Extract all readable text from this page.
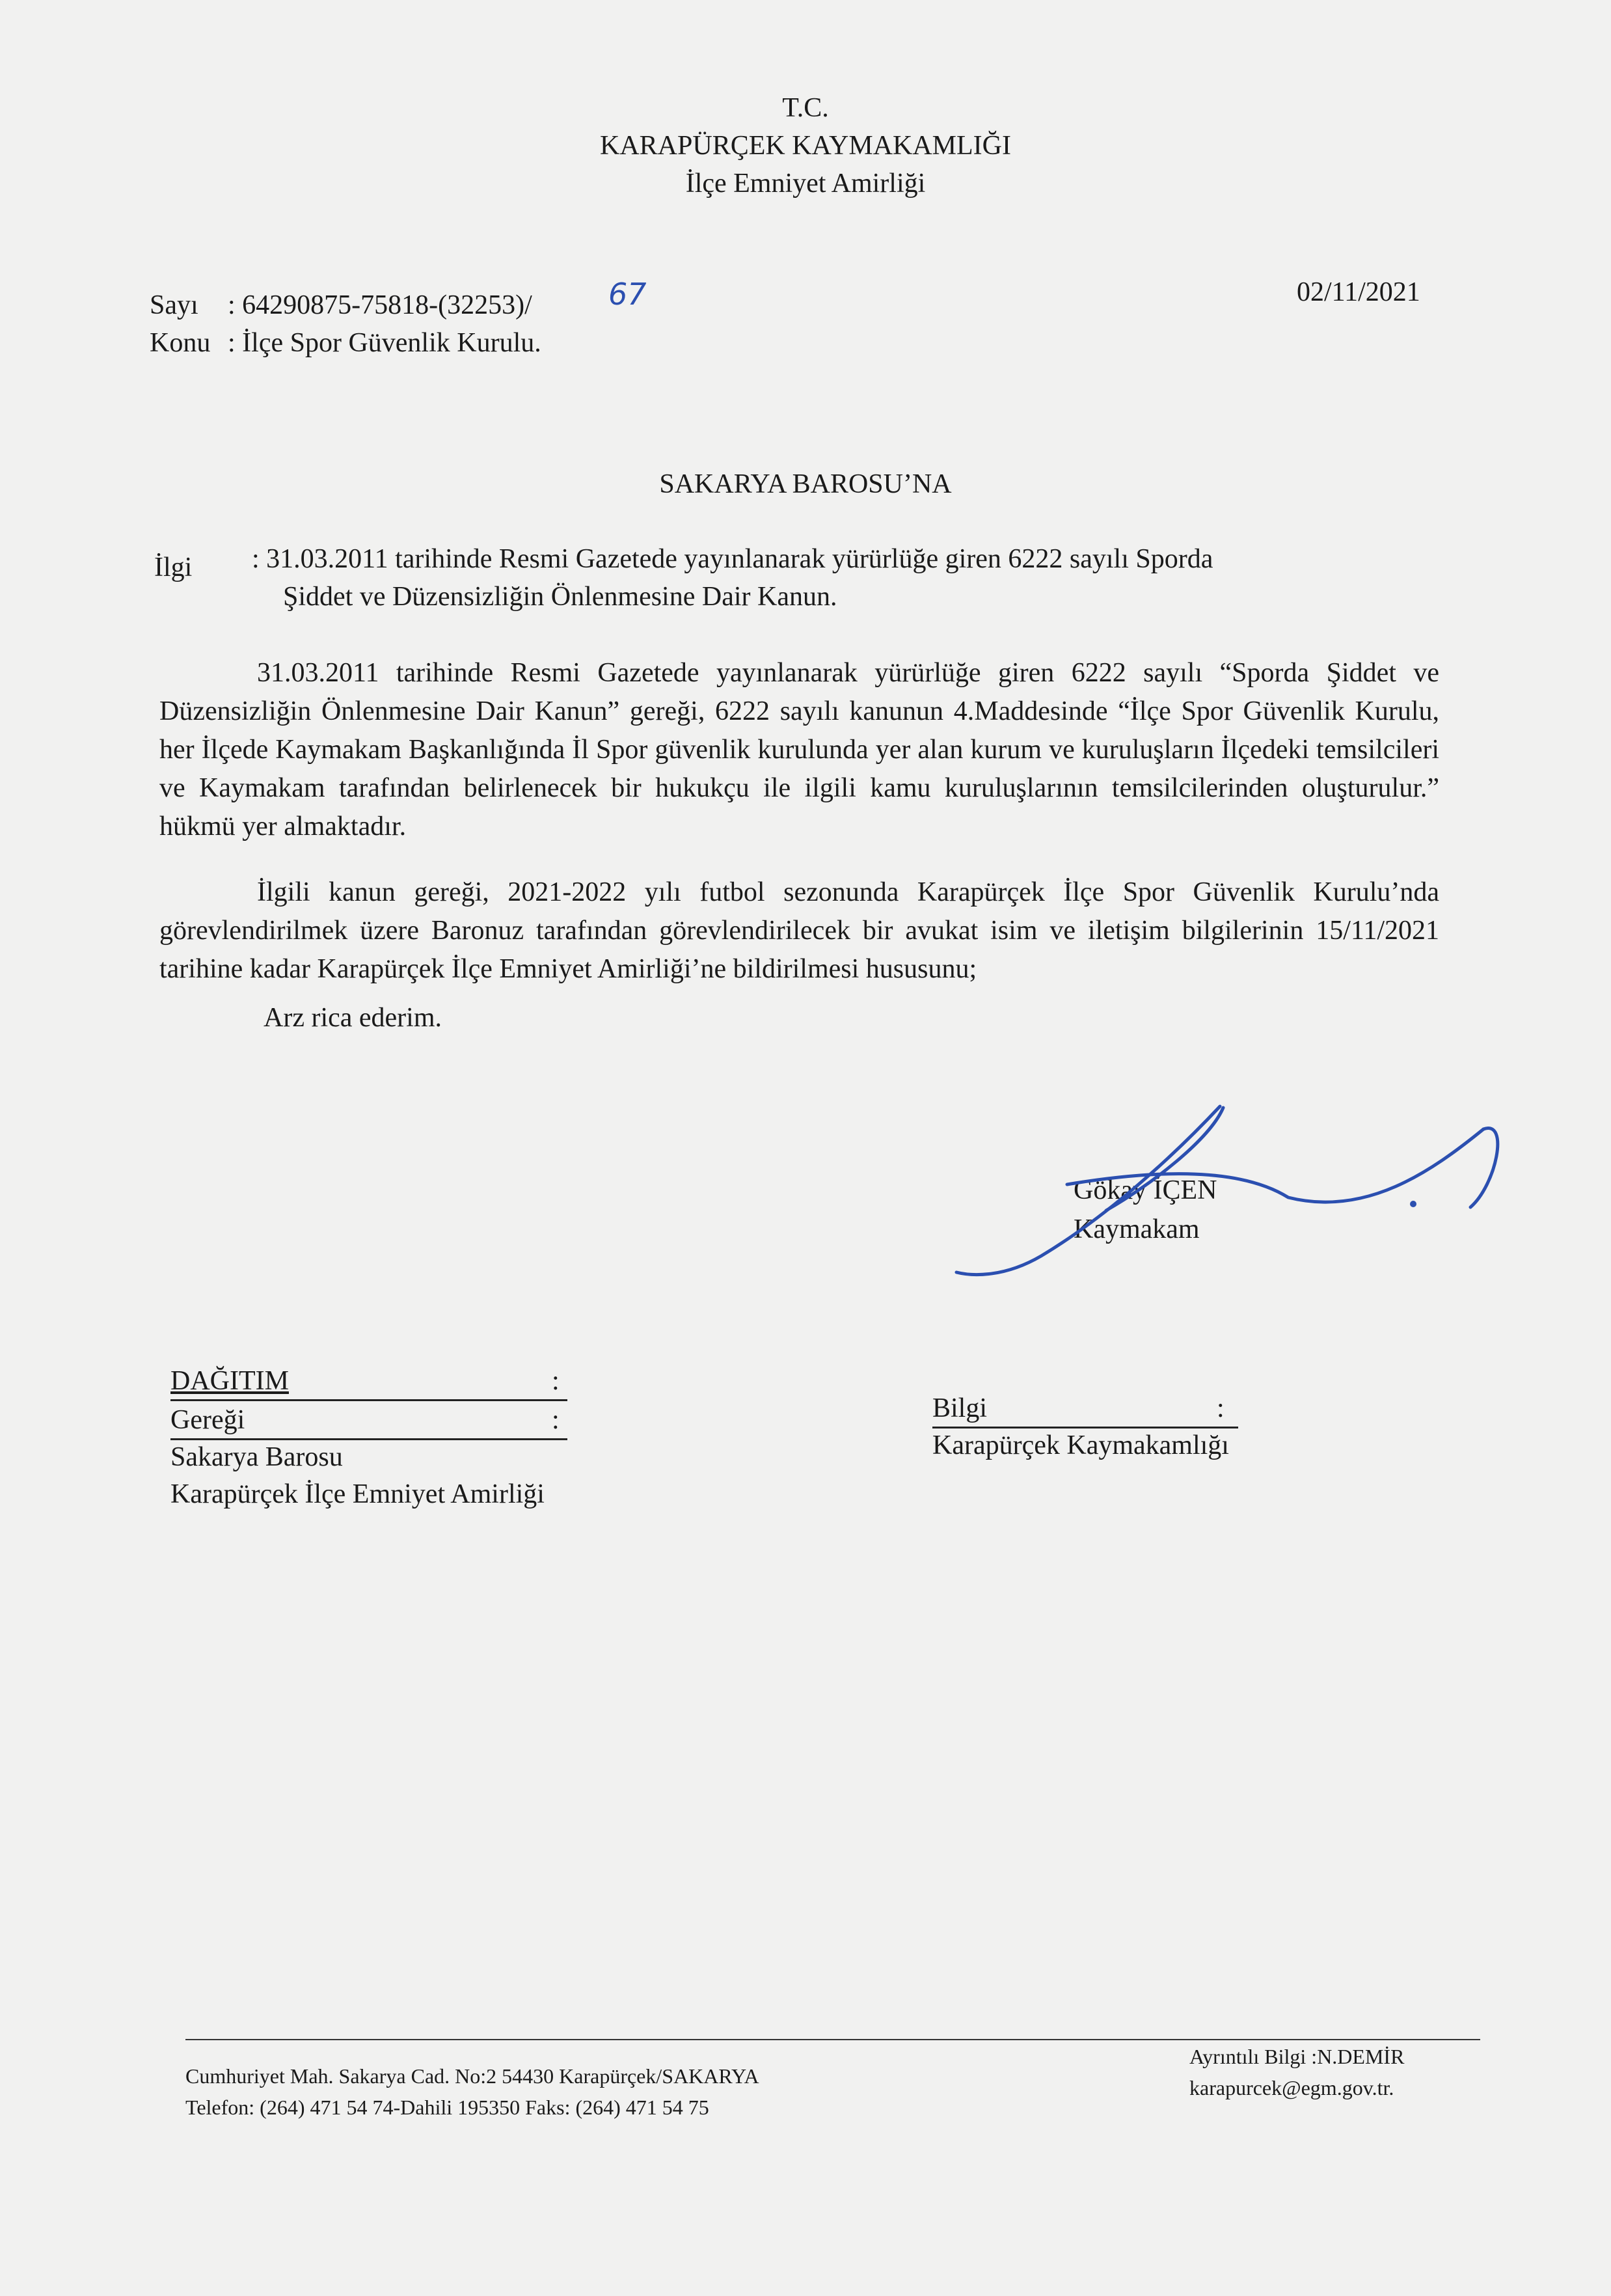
T.C.
KARAPÜRÇEK KAYMAKAMLIĞI
İlçe Emniyet Amirliği
Sayı : 64290875-75818-(32253)/	67
Konu : İlçe Spor Güvenlik Kurulu.
02/11/2021
SAKARYA BAROSU’NA
İlgi : 31.03.2011 tarihinde Resmi Gazetede yayınlanarak yürürlüğe giren 6222 sayılı Sporda
Şiddet ve Düzensizliğin Önlenmesine Dair Kanun.

31.03.2011 tarihinde Resmi Gazetede yayınlanarak yürürlüğe giren 6222 sayılı “Sporda Şiddet ve Düzensizliğin Önlenmesine Dair Kanun” gereği, 6222 sayılı kanunun 4.Maddesinde “İlçe Spor Güvenlik Kurulu, her İlçede Kaymakam Başkanlığında İl Spor güvenlik kurulunda yer alan kurum ve kuruluşların İlçedeki temsilcileri ve Kaymakam tarafından belirlenecek bir hukukçu ile ilgili kamu kuruluşlarının temsilcilerinden oluşturulur.” hükmü yer almaktadır.

İlgili kanun gereği, 2021-2022 yılı futbol sezonunda Karapürçek İlçe Spor Güvenlik Kurulu’nda görevlendirilmek üzere Baronuz tarafından görevlendirilecek bir avukat isim ve iletişim bilgilerinin 15/11/2021 tarihine kadar Karapürçek İlçe Emniyet Amirliği’ne bildirilmesi hususunu;

Arz rica ederim.
Gökay İÇEN
Kaymakam
DAĞITIM	:
Gereği	:
Sakarya Barosu
Karapürçek İlçe Emniyet Amirliği
Bilgi	:
Karapürçek Kaymakamlığı
Cumhuriyet Mah. Sakarya Cad. No:2 54430 Karapürçek/SAKARYA
Telefon: (264) 471 54 74-Dahili 195350 Faks: (264) 471 54 75
Ayrıntılı Bilgi :N.DEMİR
karapurcek@egm.gov.tr.
